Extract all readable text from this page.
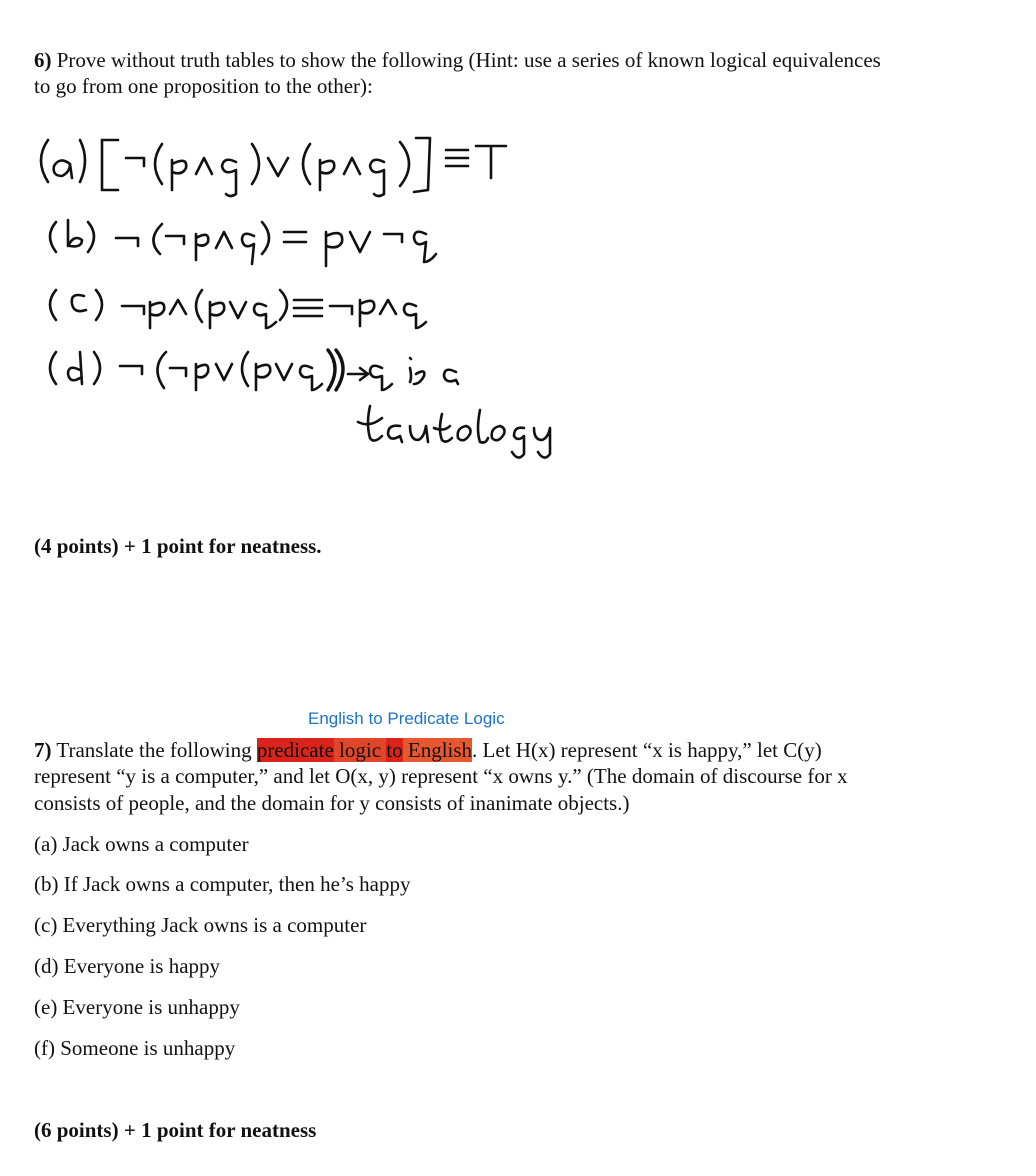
6) Prove without truth tables to show the following (Hint: use a series of known logical equivalences

to go from one proposition to the other):

(4 points) + 1 point for neatness.

English to Predicate Logic

7) Translate the following predicate logic to English. Let H(x) represent “x is happy,” let C(y)

represent “y is a computer,” and let O(x, y) represent “x owns y.” (The domain of discourse for x

consists of people, and the domain for y consists of inanimate objects.)

(a) Jack owns a computer

(b) If Jack owns a computer, then he’s happy

(c) Everything Jack owns is a computer

(d) Everyone is happy

(e) Everyone is unhappy

(f) Someone is unhappy

(6 points) + 1 point for neatness
